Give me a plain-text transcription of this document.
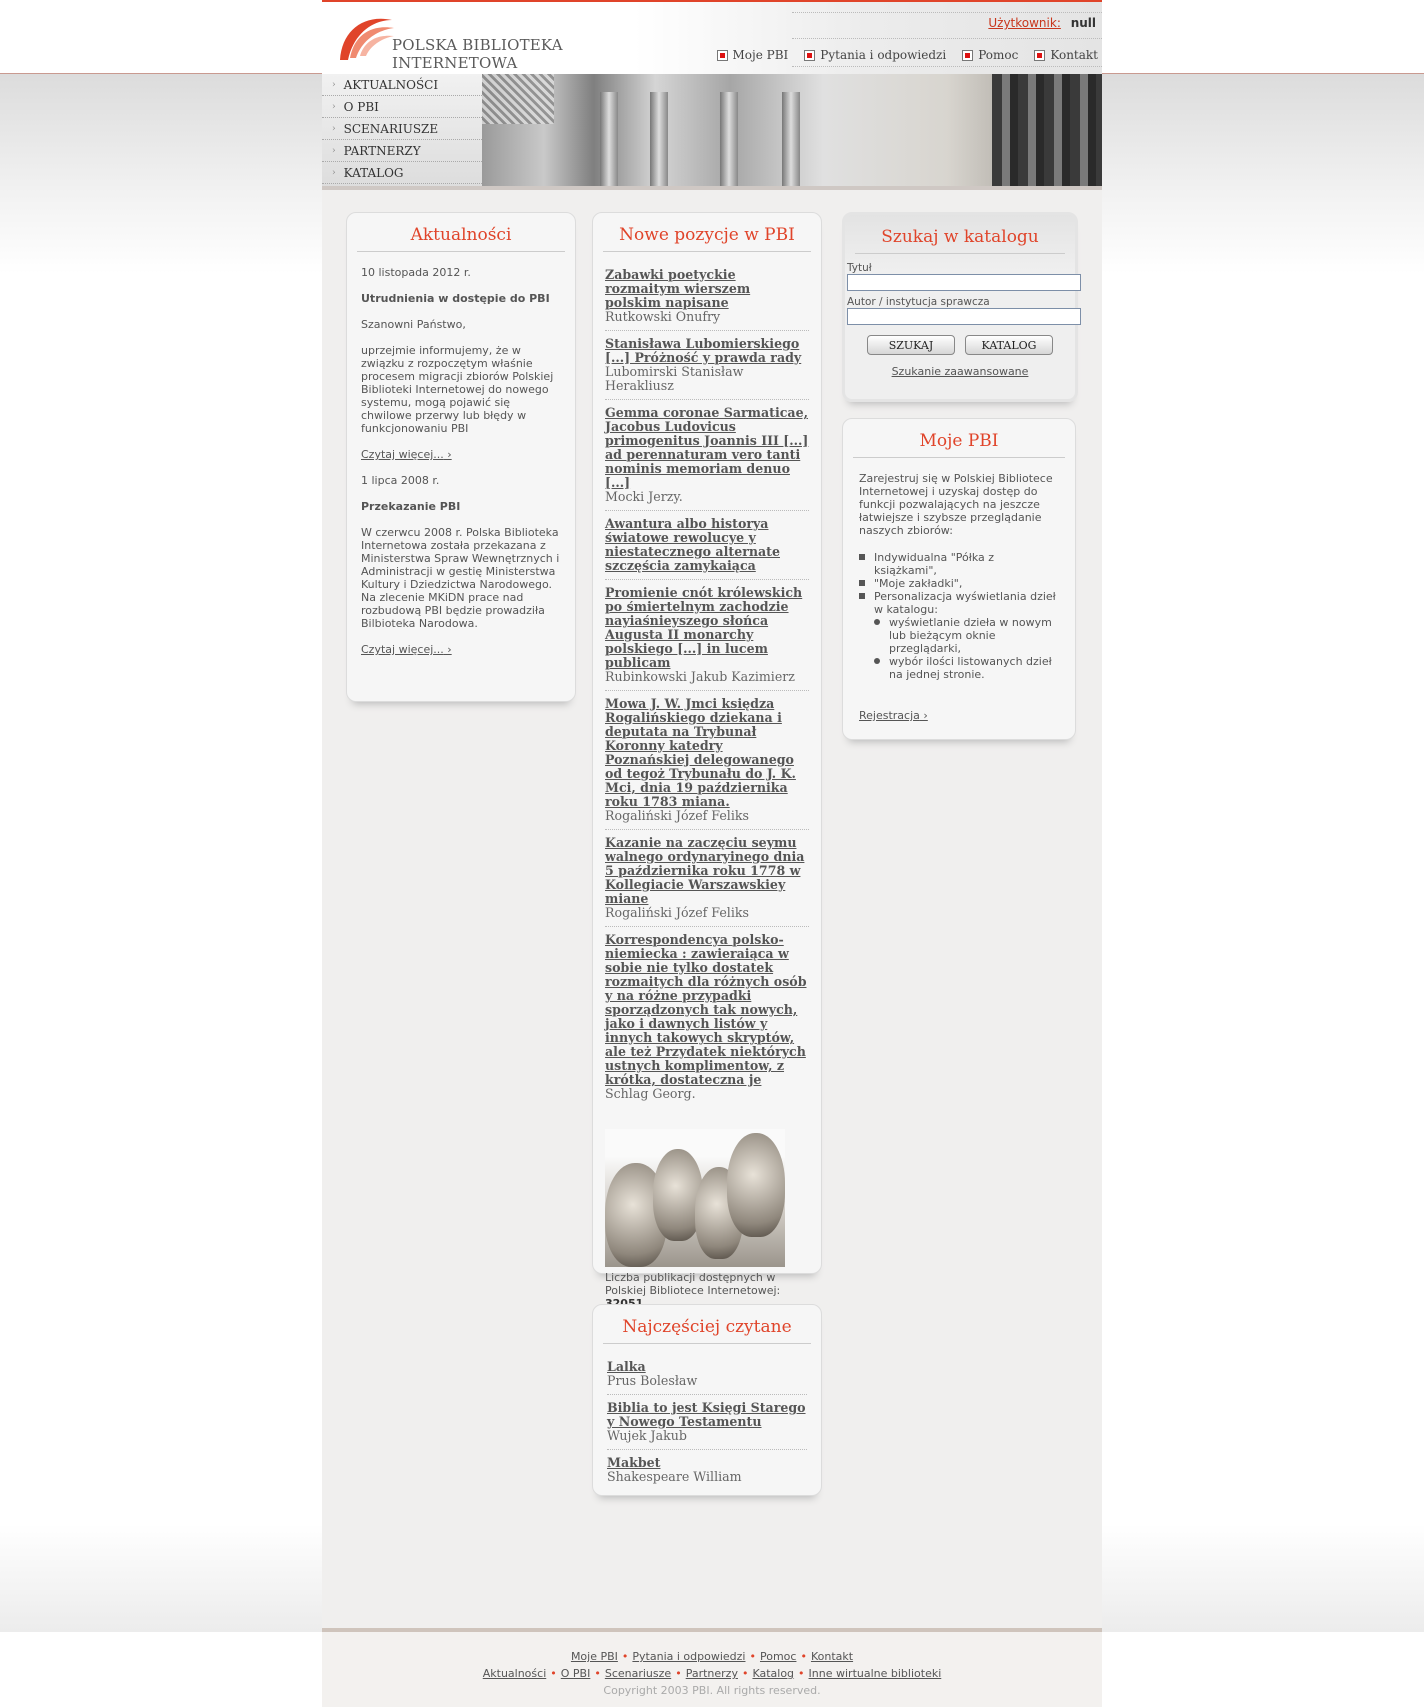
POLSKA BIBLIOTEKA INTERNETOWA
Użytkownik: null
Moje PBI	Pytania i odpowiedzi	Pomoc	Kontakt
› AKTUALNOŚCI
› O PBI
› SCENARIUSZE
› PARTNERZY
› KATALOG
Aktualności

10 listopada 2012 r.

Utrudnienia w dostępie do PBI

Szanowni Państwo,

uprzejmie informujemy, że w związku z rozpoczętym właśnie procesem migracji zbiorów Polskiej Biblioteki Internetowej do nowego systemu, mogą pojawić się chwilowe przerwy lub błędy w funkcjonowaniu PBI

Czytaj więcej... ›

1 lipca 2008 r.

Przekazanie PBI

W czerwcu 2008 r. Polska Biblioteka Internetowa została przekazana z Ministerstwa Spraw Wewnętrznych i Administracji w gestię Ministerstwa Kultury i Dziedzictwa Narodowego. Na zlecenie MKiDN prace nad rozbudową PBI będzie prowadziła Bilbioteka Narodowa.

Czytaj więcej... ›

Nowe pozycje w PBI
Zabawki poetyckie rozmaitym wierszem polskim napisane
Rutkowski Onufry
Stanisława Lubomierskiego [...] Próżność y prawda rady
Lubomirski Stanisław Herakliusz
Gemma coronae Sarmaticae, Jacobus Ludovicus primogenitus Joannis III [...] ad perennaturam vero tanti nominis memoriam denuo [...]
Mocki Jerzy.
Awantura albo historya światowe rewolucye y niestatecznego alternate szczęścia zamykaiąca
Promienie cnót królewskich po śmiertelnym zachodzie nayiaśnieyszego słońca Augusta II monarchy polskiego [...] in lucem publicam
Rubinkowski Jakub Kazimierz
Mowa J. W. Jmci księdza Rogalińskiego dziekana i deputata na Trybunał Koronny katedry Poznańskiej delegowanego od tegoż Trybunału do J. K. Mci, dnia 19 października roku 1783 miana.
Rogaliński Józef Feliks
Kazanie na zaczęciu seymu walnego ordynaryinego dnia 5 października roku 1778 w Kollegiacie Warszawskiey miane
Rogaliński Józef Feliks
Korrespondencya polsko-niemiecka : zawieraiąca w sobie nie tylko dostatek rozmaitych dla różnych osób y na różne przypadki sporządzonych tak nowych, jako i dawnych listów y innych takowych skryptów, ale też Przydatek niektórych ustnych komplimentow, z krótka, dostateczna je
Schlag Georg.
Liczba publikacji dostępnych w Polskiej Bibliotece Internetowej:

Najczęściej czytane
Lalka
Prus Bolesław
Biblia to jest Księgi Starego y Nowego Testamentu
Wujek Jakub
Makbet
Shakespeare William
Szukaj w katalogu
Tytuł
Autor / instytucja sprawcza
SZUKAJ	KATALOG
Szukanie zaawansowane
Moje PBI
Zarejestruj się w Polskiej Bibliotece Internetowej i uzyskaj dostęp do funkcji pozwalających na jeszcze łatwiejsze i szybsze przeglądanie naszych zbiorów:
Indywidualna "Półka z książkami",
"Moje zakładki",
Personalizacja wyświetlania dzieł w katalogu:
wyświetlanie dzieła w nowym lub bieżącym oknie przeglądarki,
wybór ilości listowanych dzieł na jednej stronie.
Rejestracja ›
Moje PBI • Pytania i odpowiedzi • Pomoc • Kontakt
Aktualności • O PBI • Scenariusze • Partnerzy • Katalog • Inne wirtualne biblioteki
Copyright 2003 PBI. All rights reserved.
